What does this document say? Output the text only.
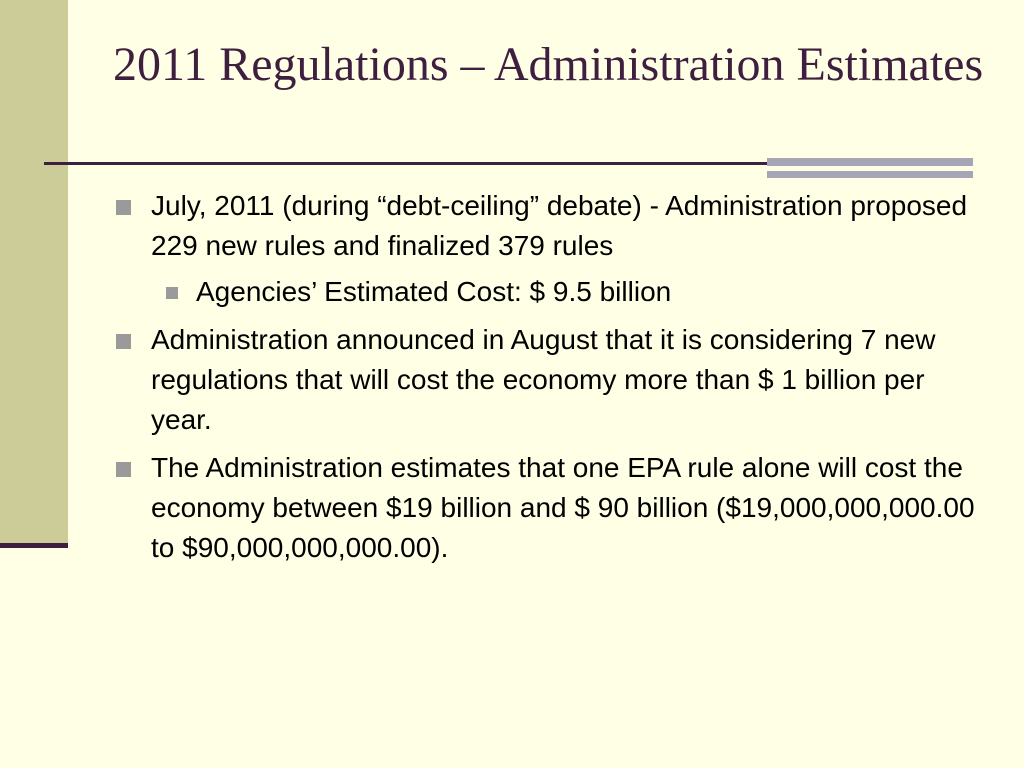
2011 Regulations – Administration Estimates
July, 2011 (during “debt-ceiling” debate) - Administration proposed 229 new rules and finalized 379 rules
Agencies’ Estimated Cost: $ 9.5 billion
Administration announced in August that it is considering 7 new regulations that will cost the economy more than $ 1 billion per year.
The Administration estimates that one EPA rule alone will cost the economy between $19 billion and $ 90 billion ($19,000,000,000.00 to $90,000,000,000.00).
